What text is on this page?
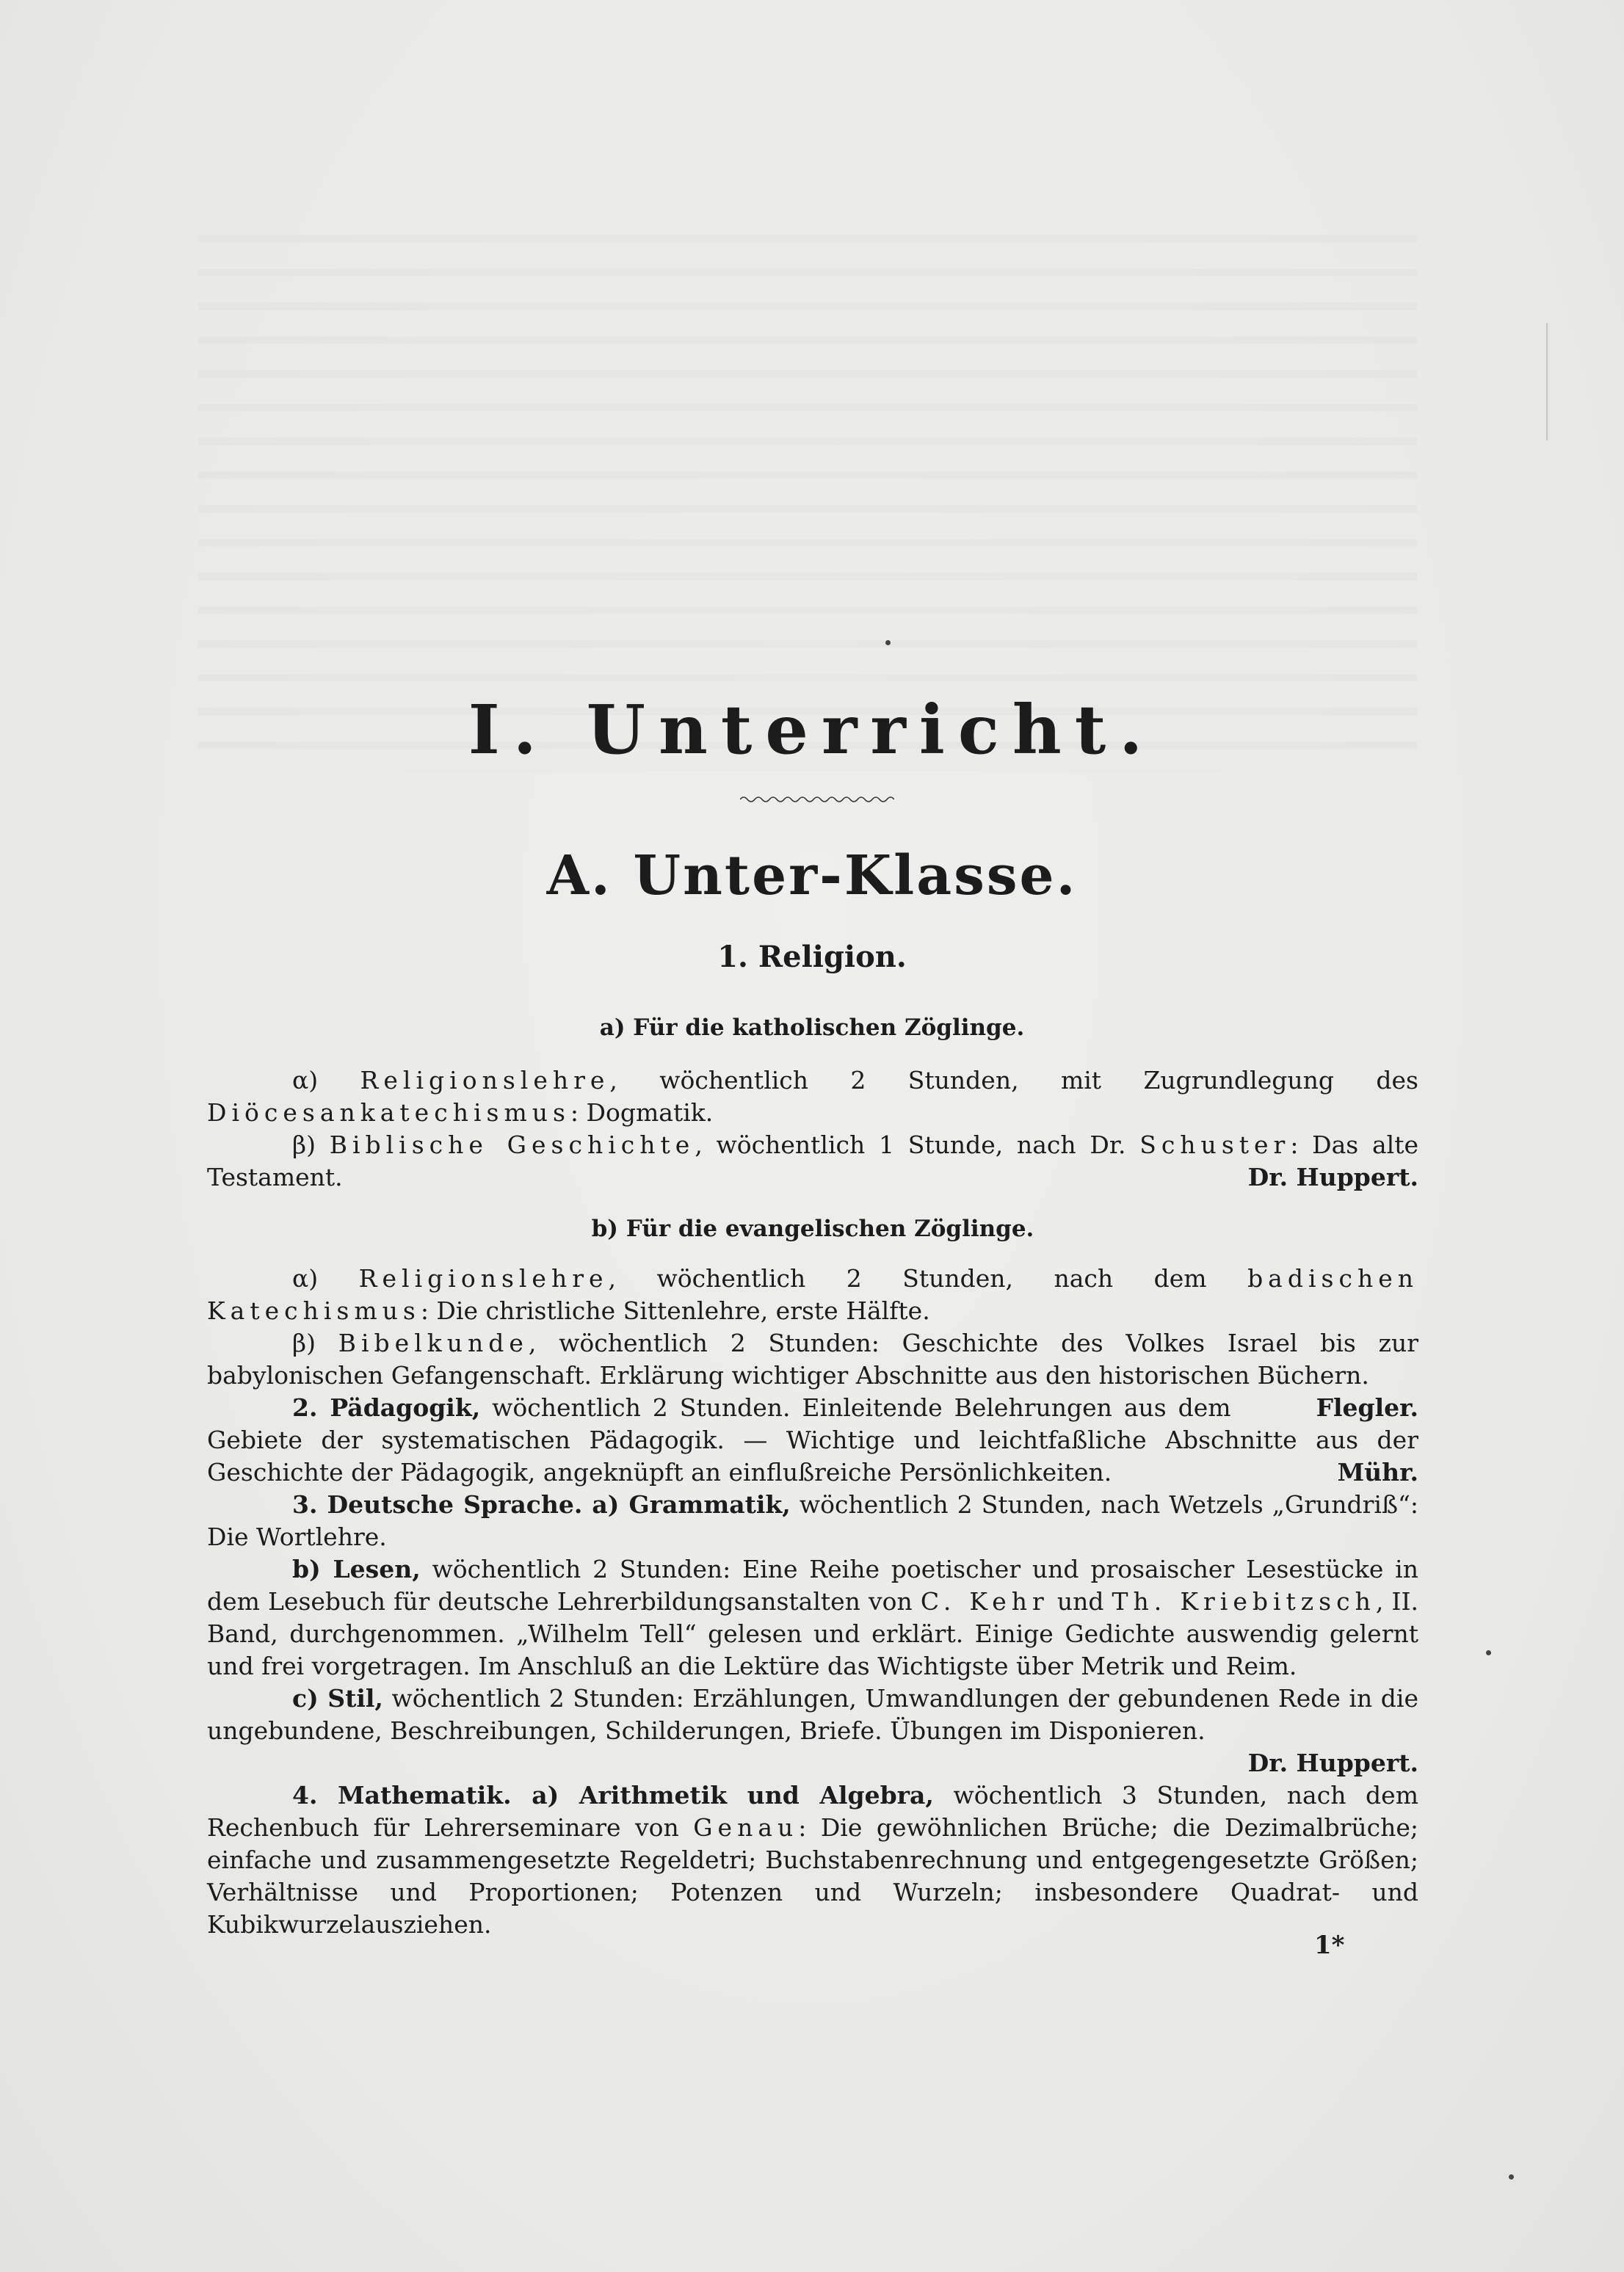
I. Unterricht.
A. Unter-Klasse.
1. Religion.
a) Für die katholischen Zöglinge.

α) Religionslehre, wöchentlich 2 Stunden, mit Zugrundlegung des Diöcesankatechismus: Dogmatik.

β) Biblische Geschichte, wöchentlich 1 Stunde, nach Dr. Schuster: Das alte Testament.	Dr. Huppert.

b) Für die evangelischen Zöglinge.

α) Religionslehre, wöchentlich 2 Stunden, nach dem badischen Katechismus: Die christliche Sittenlehre, erste Hälfte.

β) Bibelkunde, wöchentlich 2 Stunden: Geschichte des Volkes Israel bis zur babylonischen Gefangenschaft. Erklärung wichtiger Abschnitte aus den historischen Büchern.
Flegler.

2. Pädagogik, wöchentlich 2 Stunden. Einleitende Belehrungen aus dem Gebiete der systematischen Pädagogik. — Wichtige und leichtfaßliche Abschnitte aus der Geschichte der Pädagogik, angeknüpft an einflußreiche Persönlichkeiten.	Mühr.

3. Deutsche Sprache. a) Grammatik, wöchentlich 2 Stunden, nach Wetzels „Grundriß“: Die Wortlehre.

b) Lesen, wöchentlich 2 Stunden: Eine Reihe poetischer und prosaischer Lesestücke in dem Lesebuch für deutsche Lehrerbildungsanstalten von C. Kehr und Th. Kriebitzsch, II. Band, durchgenommen. „Wilhelm Tell“ gelesen und erklärt. Einige Gedichte auswendig gelernt und frei vorgetragen. Im Anschluß an die Lektüre das Wichtigste über Metrik und Reim.

c) Stil, wöchentlich 2 Stunden: Erzählungen, Umwandlungen der gebundenen Rede in die ungebundene, Beschreibungen, Schilderungen, Briefe. Übungen im Disponieren.

Dr. Huppert.

4. Mathematik. a) Arithmetik und Algebra, wöchentlich 3 Stunden, nach dem Rechenbuch für Lehrerseminare von Genau: Die gewöhnlichen Brüche; die Dezimalbrüche; einfache und zusammengesetzte Regeldetri; Buchstabenrechnung und entgegengesetzte Größen; Verhältnisse und Proportionen; Potenzen und Wurzeln; insbesondere Quadrat- und Kubikwurzelausziehen.

1*
